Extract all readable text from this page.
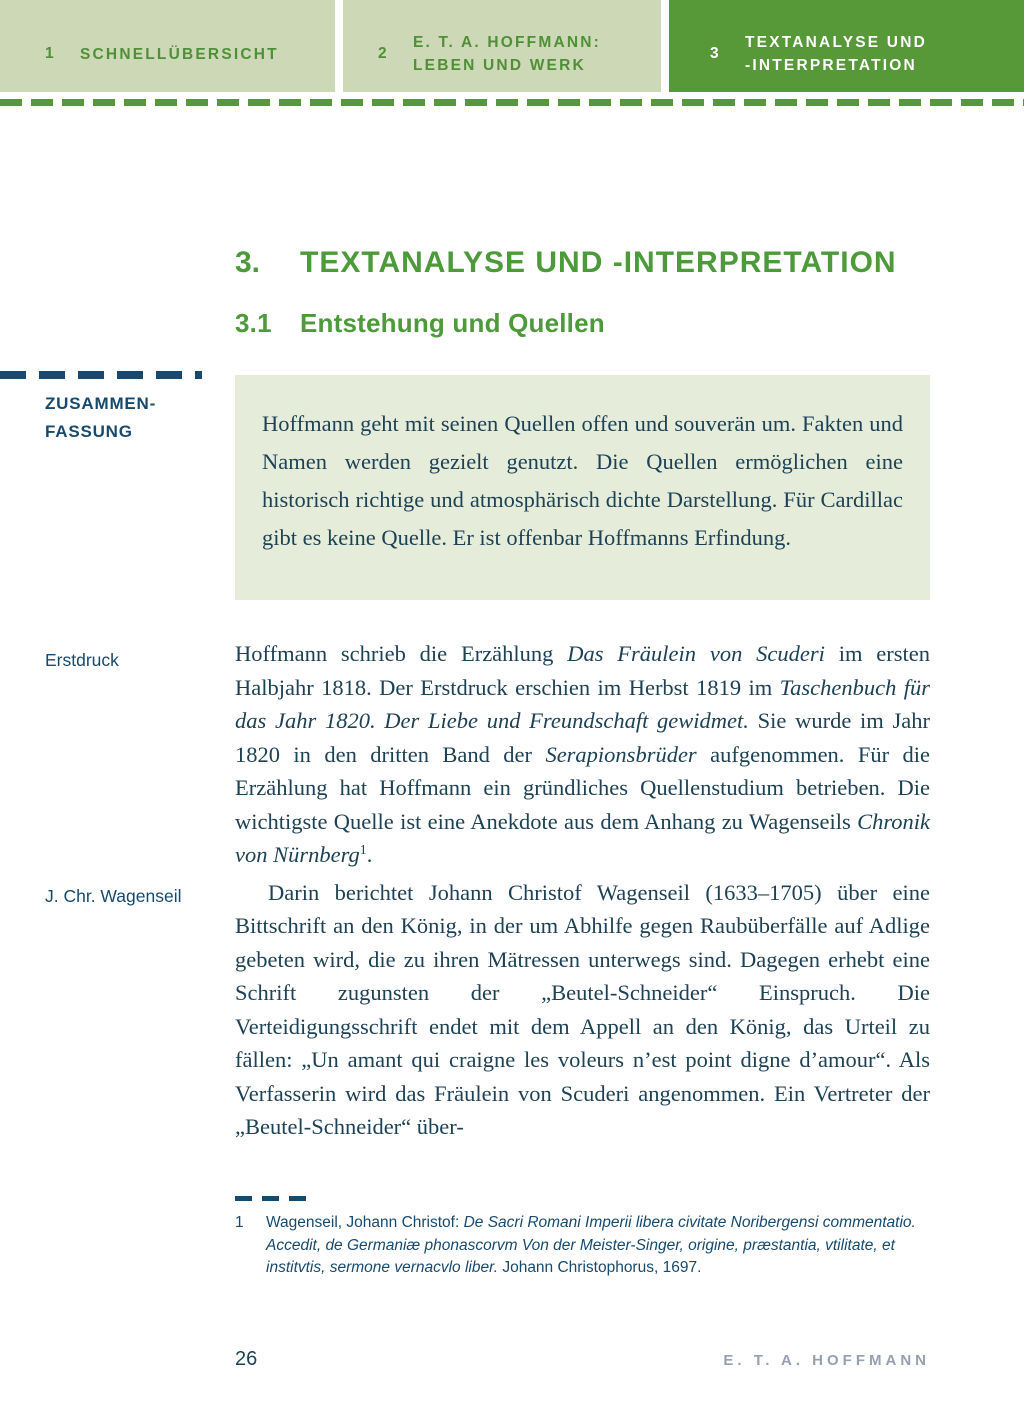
1	SCHNELLÜBERSICHT	2
E. T. A. HOFFMANN:
LEBEN UND WERK
3
TEXTANALYSE UND
-INTERPRETATION
3.	TEXTANALYSE UND -INTERPRETATION
3.1	Entstehung und Quellen
ZUSAMMEN-
FASSUNG	Hoffmann geht mit seinen Quellen offen und souverän um. Fakten und Namen werden gezielt genutzt. Die Quellen ermöglichen eine historisch richtige und atmosphärisch dichte Darstellung. Für Cardillac gibt es keine Quelle. Er ist offenbar Hoffmanns Erfindung.
Erstdruck
J. Chr. Wagenseil

Hoffmann schrieb die Erzählung Das Fräulein von Scuderi im ersten Halbjahr 1818. Der Erstdruck erschien im Herbst 1819 im Taschenbuch für das Jahr 1820. Der Liebe und Freundschaft gewidmet. Sie wurde im Jahr 1820 in den dritten Band der Serapionsbrüder aufgenommen. Für die Erzählung hat Hoffmann ein gründliches Quellenstudium betrieben. Die wichtigste Quelle ist eine Anekdote aus dem Anhang zu Wagenseils Chronik von Nürnberg$^1$.

Darin berichtet Johann Christof Wagenseil (1633–1705) über eine Bittschrift an den König, in der um Abhilfe gegen Raubüberfälle auf Adlige gebeten wird, die zu ihren Mätressen unterwegs sind. Dagegen erhebt eine Schrift zugunsten der „Beutel-Schneider“ Einspruch. Die Verteidigungsschrift endet mit dem Appell an den König, das Urteil zu fällen: „Un amant qui craigne les voleurs n’est point digne d’amour“. Als Verfasserin wird das Fräulein von Scuderi angenommen. Ein Vertreter der „Beutel-Schneider“ über-

1	Wagenseil, Johann Christof: De Sacri Romani Imperii libera civitate Noribergensi commentatio. Accedit, de Germaniæ phonascorvm Von der Meister-Singer, origine, præstantia, vtilitate, et institvtis, sermone vernacvlo liber. Johann Christophorus, 1697.
26	E. T. A. HOFFMANN
